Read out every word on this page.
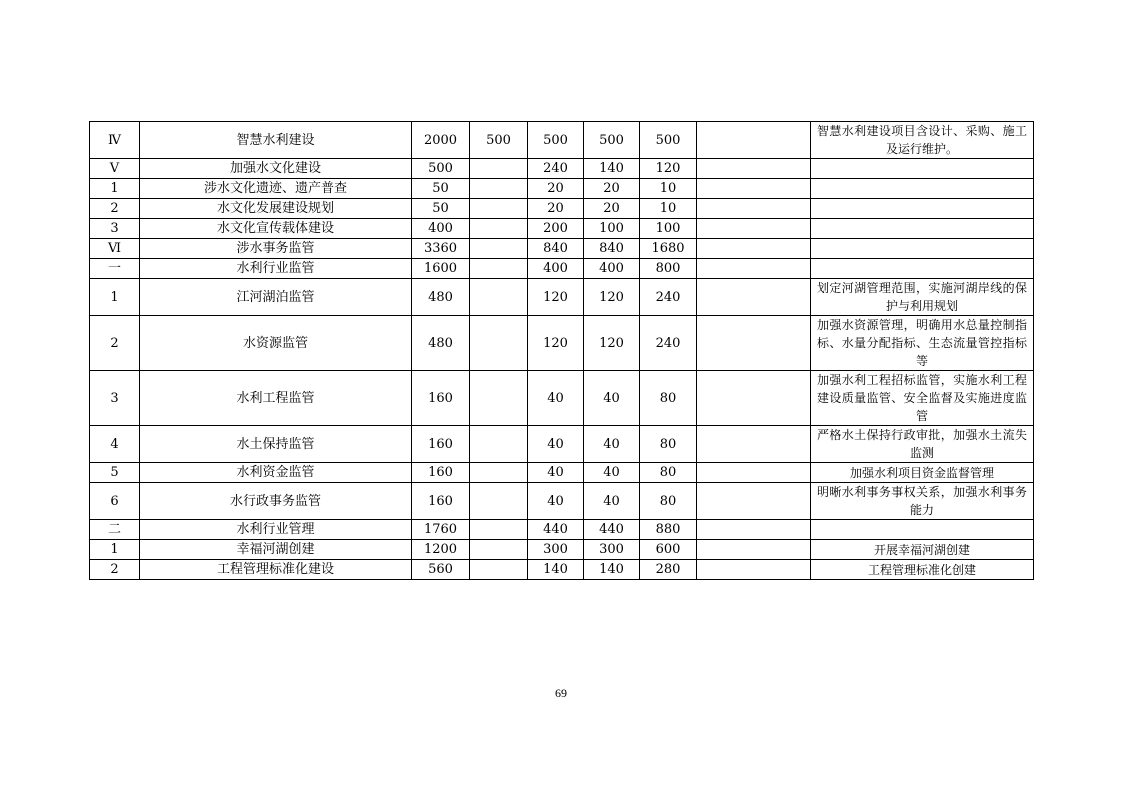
Ⅳ	智慧水利建设	2000	500	500	500	500		智慧水利建设项目含设计、采购、施工及运行维护。
Ⅴ	加强水文化建设	500		240	140	120		
1	涉水文化遗迹、遗产普查	50		20	20	10		
2	水文化发展建设规划	50		20	20	10		
3	水文化宣传载体建设	400		200	100	100		
Ⅵ	涉水事务监管	3360		840	840	1680		
一	水利行业监管	1600		400	400	800		
1	江河湖泊监管	480		120	120	240		划定河湖管理范围，实施河湖岸线的保护与利用规划
2	水资源监管	480		120	120	240		加强水资源管理，明确用水总量控制指标、水量分配指标、生态流量管控指标等
3	水利工程监管	160		40	40	80		加强水利工程招标监管，实施水利工程建设质量监管、安全监督及实施进度监管
4	水土保持监管	160		40	40	80		严格水土保持行政审批，加强水土流失监测
5	水利资金监管	160		40	40	80		加强水利项目资金监督管理
6	水行政事务监管	160		40	40	80		明晰水利事务事权关系，加强水利事务能力
二	水利行业管理	1760		440	440	880		
1	幸福河湖创建	1200		300	300	600		开展幸福河湖创建
2	工程管理标准化建设	560		140	140	280		工程管理标准化创建
69
